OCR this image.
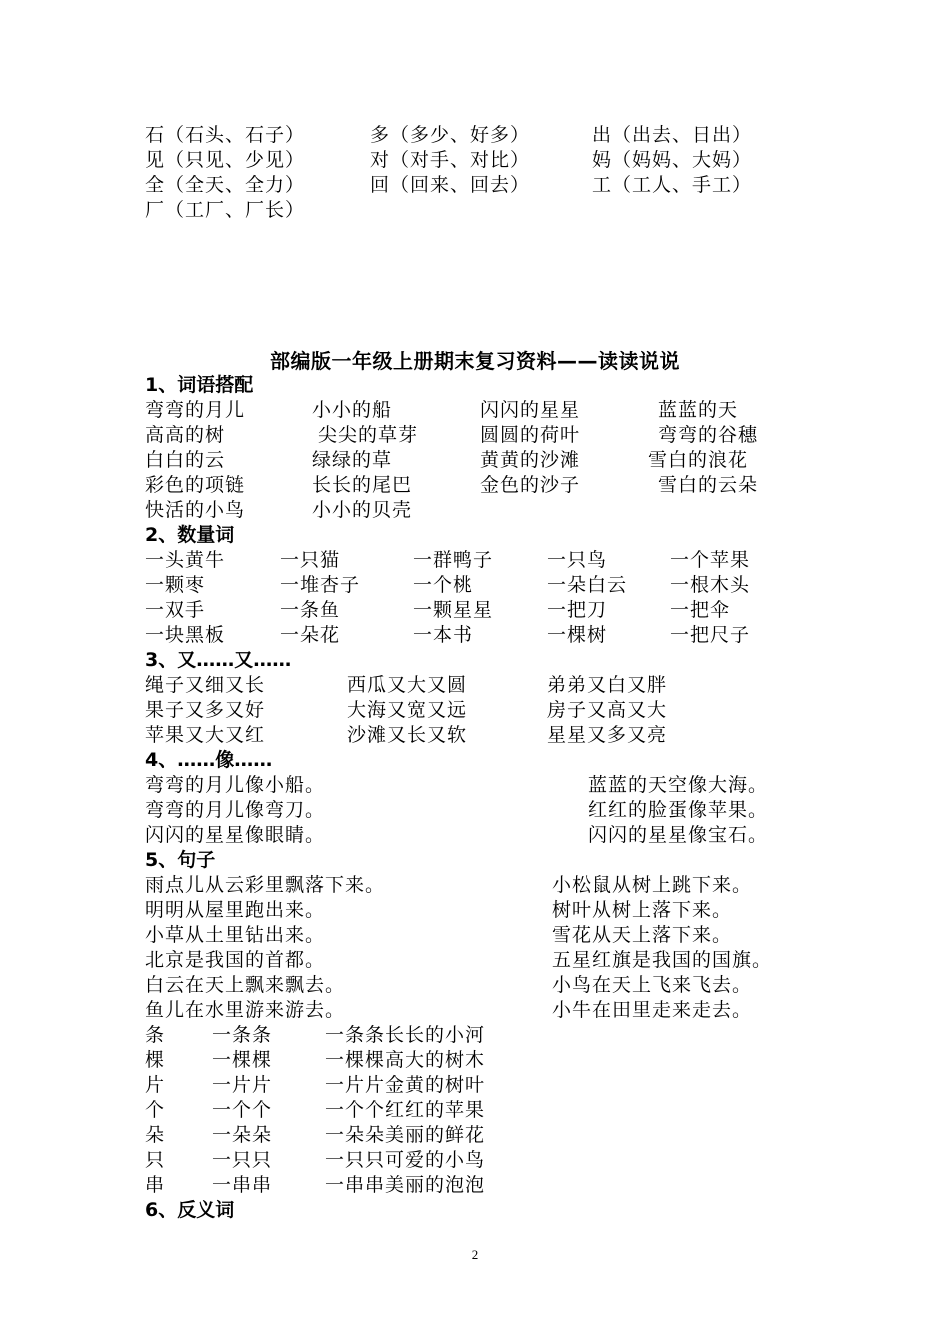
石（石头、石子）	多（多少、好多）	出（出去、日出）
见（只见、少见）	对（对手、对比）	妈（妈妈、大妈）
全（全天、全力）	回（回来、回去）	工（工人、手工）
厂（工厂、厂长）
部编版一年级上册期末复习资料——读读说说
1、词语搭配
弯弯的月儿	小小的船	闪闪的星星	蓝蓝的天
高高的树	尖尖的草芽	圆圆的荷叶	弯弯的谷穗
白白的云	绿绿的草	黄黄的沙滩	雪白的浪花
彩色的项链	长长的尾巴	金色的沙子	雪白的云朵
快活的小鸟	小小的贝壳
2、数量词
一头黄牛	一只猫	一群鸭子	一只鸟	一个苹果
一颗枣	一堆杏子	一个桃	一朵白云 一根木头
一双手	一条鱼	一颗星星	一把刀	一把伞
一块黑板	一朵花	一本书	一棵树	一把尺子
3、又……又……
绳子又细又长	西瓜又大又圆	弟弟又白又胖
果子又多又好	大海又宽又远	房子又高又大
苹果又大又红	沙滩又长又软	星星又多又亮
4、……像……
弯弯的月儿像小船。	蓝蓝的天空像大海。
弯弯的月儿像弯刀。	红红的脸蛋像苹果。
闪闪的星星像眼睛。	闪闪的星星像宝石。
5、句子
雨点儿从云彩里飘落下来。	小松鼠从树上跳下来。
明明从屋里跑出来。	树叶从树上落下来。
小草从土里钻出来。	雪花从天上落下来。
北京是我国的首都。	五星红旗是我国的国旗。
白云在天上飘来飘去。	小鸟在天上飞来飞去。
鱼儿在水里游来游去。	小牛在田里走来走去。
条 一条条	一条条长长的小河
棵 一棵棵	一棵棵高大的树木
片 一片片	一片片金黄的树叶
个 一个个	一个个红红的苹果
朵 一朵朵	一朵朵美丽的鲜花
只 一只只	一只只可爱的小鸟
串 一串串	一串串美丽的泡泡
6、反义词
2
